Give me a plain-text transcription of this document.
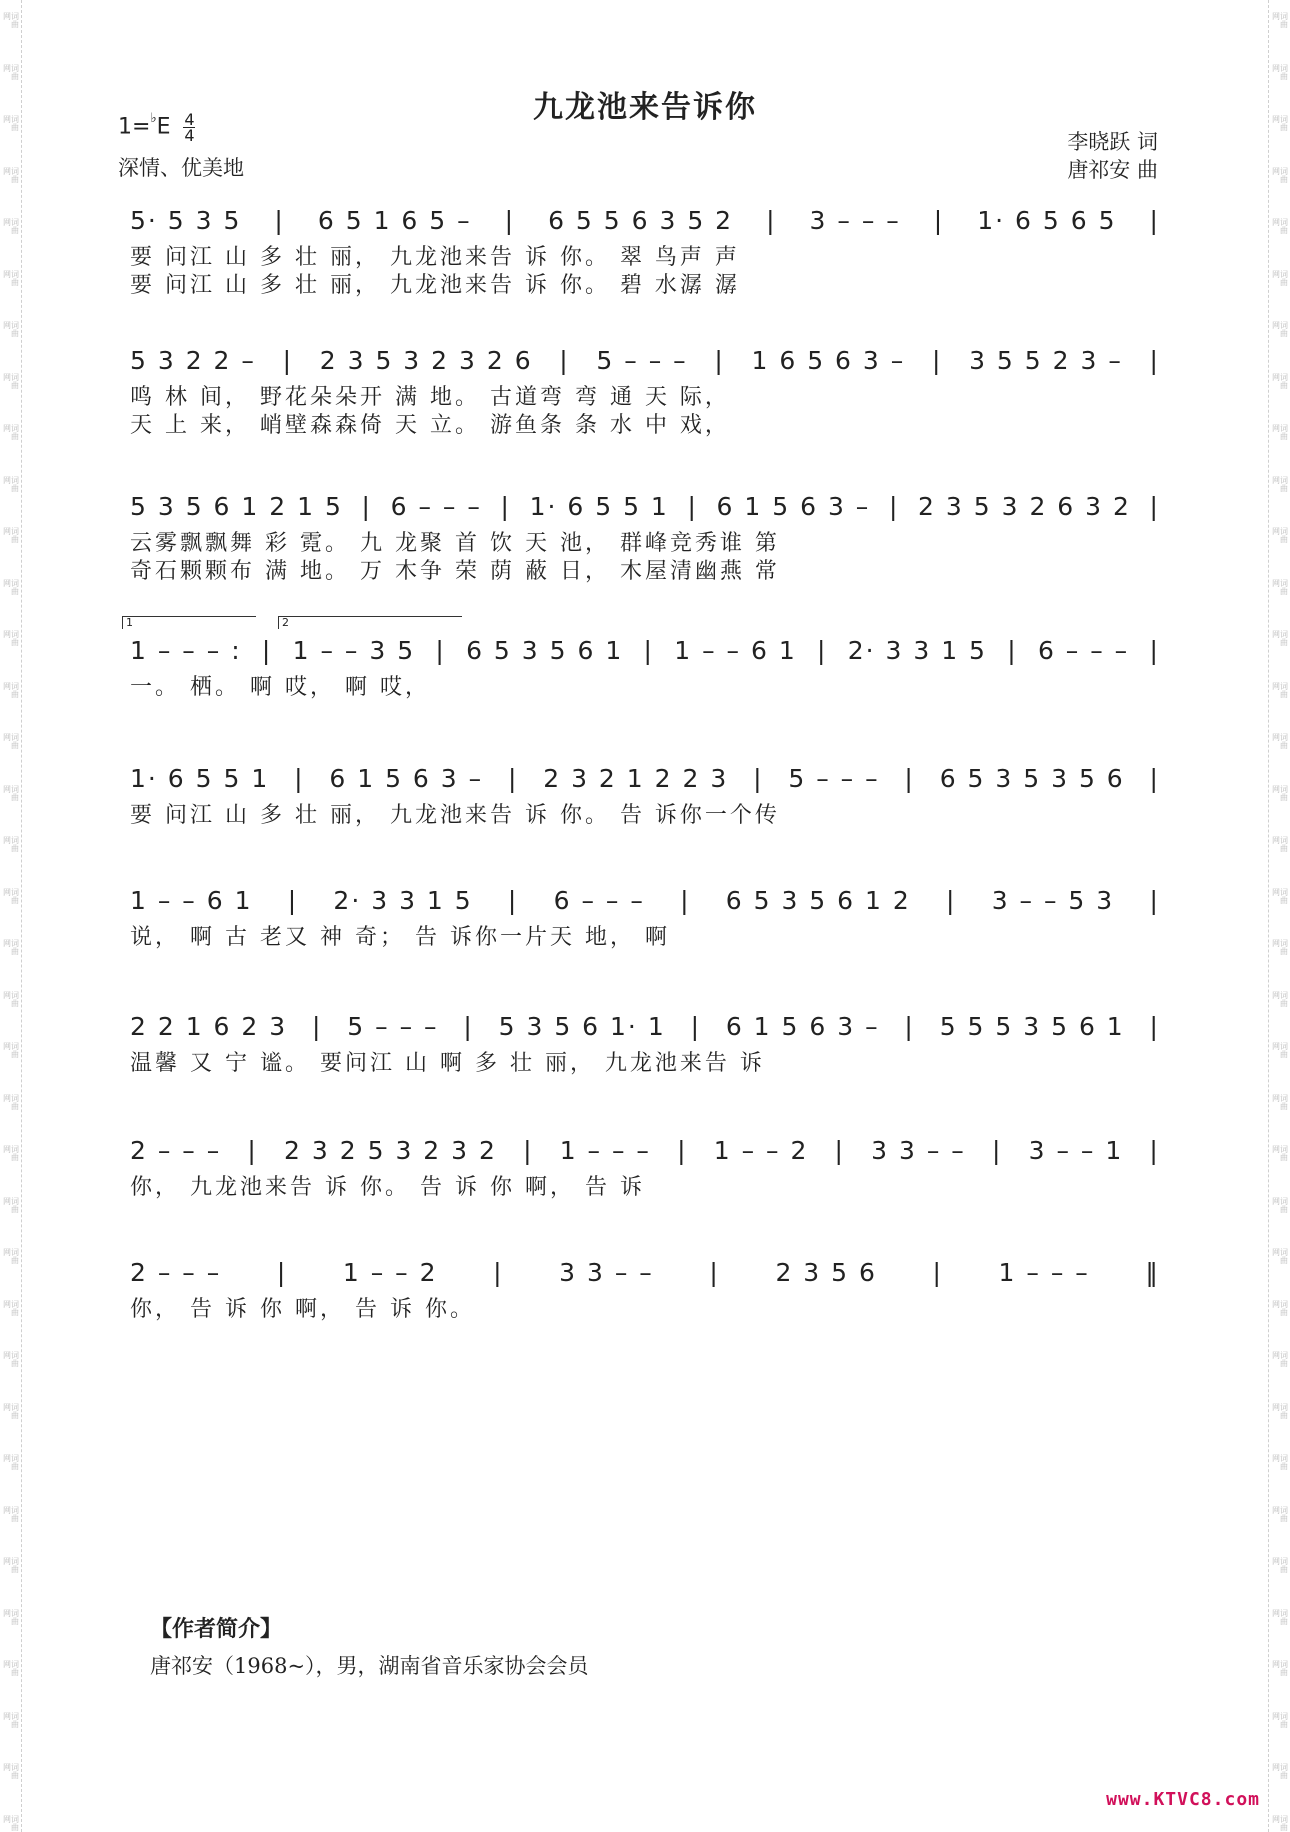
词曲网
词曲网
词曲网
词曲网
词曲网
词曲网
词曲网
词曲网
词曲网
词曲网
词曲网
词曲网
词曲网
词曲网
词曲网
词曲网
词曲网
词曲网
词曲网
词曲网
词曲网
词曲网
词曲网
词曲网
词曲网
词曲网
词曲网
词曲网
词曲网
词曲网
词曲网
词曲网
词曲网
词曲网
词曲网
词曲网
词曲网
词曲网
词曲网
词曲网
词曲网
词曲网
词曲网
词曲网
词曲网
词曲网
词曲网
词曲网
词曲网
词曲网
词曲网
词曲网
词曲网
词曲网
词曲网
词曲网
词曲网
词曲网
词曲网
词曲网
词曲网
词曲网
词曲网
词曲网
词曲网
词曲网
词曲网
词曲网
词曲网
词曲网
词曲网
词曲网
九龙池来告诉你
$1=^♭E \frac{4}{4}$
深情、优美地
李晓跃 词
唐祁安 曲
5· 5 3 5 | 6 5 1 6 5 – | 6 5 5 6 3 5 2 | 3 – – – | 1· 6 5 6 5 |
要 问江 山 多 壮 丽， 九龙池来告 诉 你。 翠 鸟声 声
要 问江 山 多 壮 丽， 九龙池来告 诉 你。 碧 水潺 潺
5 3 2 2 – | 2 3 5 3 2 3 2 6 | 5 – – – | 1 6 5 6 3 – | 3 5 5 2 3 – |
鸣 林 间， 野花朵朵开 满 地。 古道弯 弯 通 天 际，
天 上 来， 峭壁森森倚 天 立。 游鱼条 条 水 中 戏，
5 3 5 6 1 2 1 5 | 6 – – – | 1· 6 5 5 1 | 6 1 5 6 3 – | 2 3 5 3 2 6 3 2 |
云雾飘飘舞 彩 霓。 九 龙聚 首 饮 天 池， 群峰竞秀谁 第
奇石颗颗布 满 地。 万 木争 荣 荫 蔽 日， 木屋清幽燕 常
1	2
1 – – – : | 1 – – 3 5 | 6 5 3 5 6 1 | 1 – – 6 1 | 2· 3 3 1 5 | 6 – – – |
一。 栖。 啊 哎， 啊 哎，
1· 6 5 5 1 | 6 1 5 6 3 – | 2 3 2 1 2 2 3 | 5 – – – | 6 5 3 5 3 5 6 |
要 问江 山 多 壮 丽， 九龙池来告 诉 你。 告 诉你一个传
1 – – 6 1 | 2· 3 3 1 5 | 6 – – – | 6 5 3 5 6 1 2 | 3 – – 5 3 |
说， 啊 古 老又 神 奇； 告 诉你一片天 地， 啊
2 2 1 6 2 3 | 5 – – – | 5 3 5 6 1· 1 | 6 1 5 6 3 – | 5 5 5 3 5 6 1 |
温馨 又 宁 谧。 要问江 山 啊 多 壮 丽， 九龙池来告 诉
2 – – – | 2 3 2 5 3 2 3 2 | 1 – – – | 1 – – 2 | 3 3 – – | 3 – – 1 |
你， 九龙池来告 诉 你。 告 诉 你 啊， 告 诉
2 – – – | 1 – – 2 | 3 3 – – | 2 3 5 6 | 1 – – – ‖
你， 告 诉 你 啊， 告 诉 你。
【作者简介】
唐祁安（1968~），男，湖南省音乐家协会会员
www.KTVC8.com
